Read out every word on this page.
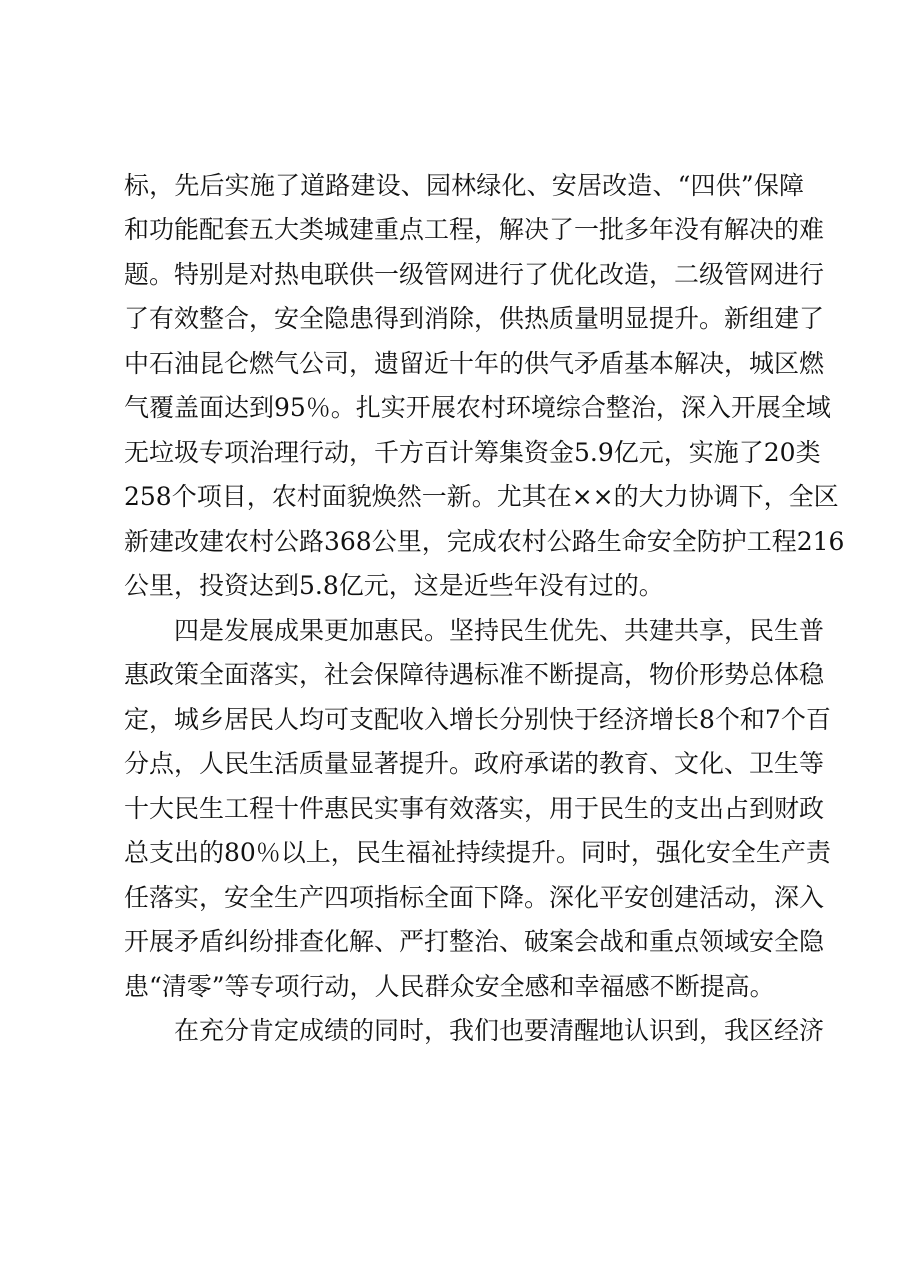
标，先后实施了道路建设、园林绿化、安居改造、“四供”保障
和功能配套五大类城建重点工程，解决了一批多年没有解决的难
题。特别是对热电联供一级管网进行了优化改造，二级管网进行
了有效整合，安全隐患得到消除，供热质量明显提升。新组建了
中石油昆仑燃气公司，遗留近十年的供气矛盾基本解决，城区燃
气覆盖面达到95％。扎实开展农村环境综合整治，深入开展全域
无垃圾专项治理行动，千方百计筹集资金5.9亿元，实施了20类
258个项目，农村面貌焕然一新。尤其在××的大力协调下，全区
新建改建农村公路368公里，完成农村公路生命安全防护工程216
公里，投资达到5.8亿元，这是近些年没有过的。
四是发展成果更加惠民。坚持民生优先、共建共享，民生普
惠政策全面落实，社会保障待遇标准不断提高，物价形势总体稳
定，城乡居民人均可支配收入增长分别快于经济增长8个和7个百
分点，人民生活质量显著提升。政府承诺的教育、文化、卫生等
十大民生工程十件惠民实事有效落实，用于民生的支出占到财政
总支出的80％以上，民生福祉持续提升。同时，强化安全生产责
任落实，安全生产四项指标全面下降。深化平安创建活动，深入
开展矛盾纠纷排查化解、严打整治、破案会战和重点领域安全隐
患“清零”等专项行动，人民群众安全感和幸福感不断提高。
在充分肯定成绩的同时，我们也要清醒地认识到，我区经济
